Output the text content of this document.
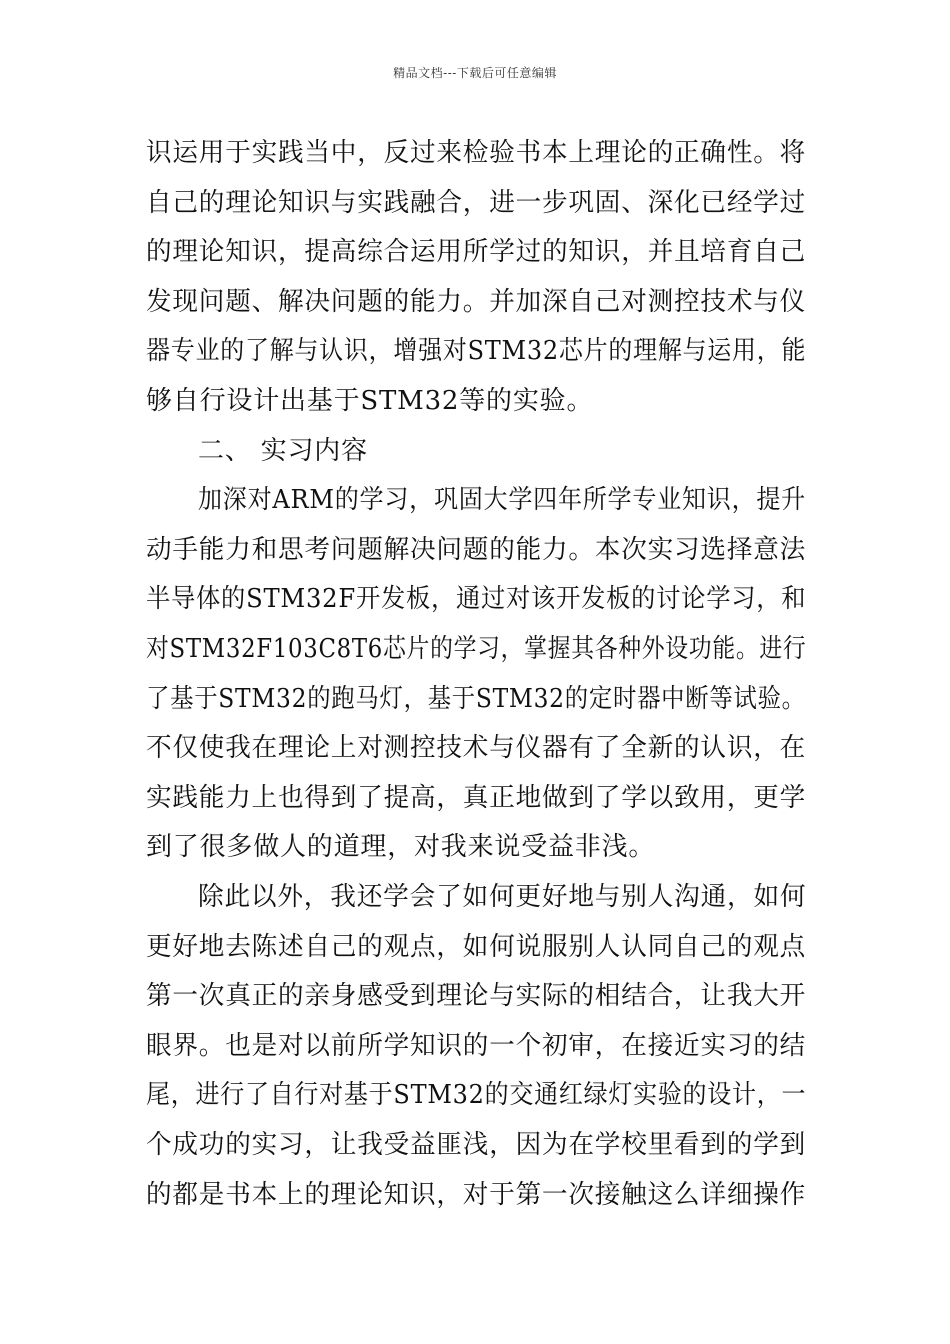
精品文档---下载后可任意编辑
识运用于实践当中，反过来检验书本上理论的正确性。将
自己的理论知识与实践融合，进一步巩固、深化已经学过
的理论知识，提高综合运用所学过的知识，并且培育自己
发现问题、解决问题的能力。并加深自己对测控技术与仪
器专业的了解与认识，增强对STM32芯片的理解与运用，能
够自行设计出基于STM32等的实验。
二、 实习内容
加深对ARM的学习，巩固大学四年所学专业知识，提升
动手能力和思考问题解决问题的能力。本次实习选择意法
半导体的STM32F开发板，通过对该开发板的讨论学习，和
对STM32F103C8T6芯片的学习，掌握其各种外设功能。进行
了基于STM32的跑马灯，基于STM32的定时器中断等试验。
不仅使我在理论上对测控技术与仪器有了全新的认识，在
实践能力上也得到了提高，真正地做到了学以致用，更学
到了很多做人的道理，对我来说受益非浅。
除此以外，我还学会了如何更好地与别人沟通，如何
更好地去陈述自己的观点，如何说服别人认同自己的观点
第一次真正的亲身感受到理论与实际的相结合，让我大开
眼界。也是对以前所学知识的一个初审，在接近实习的结
尾，进行了自行对基于STM32的交通红绿灯实验的设计，一
个成功的实习，让我受益匪浅，因为在学校里看到的学到
的都是书本上的理论知识，对于第一次接触这么详细操作
